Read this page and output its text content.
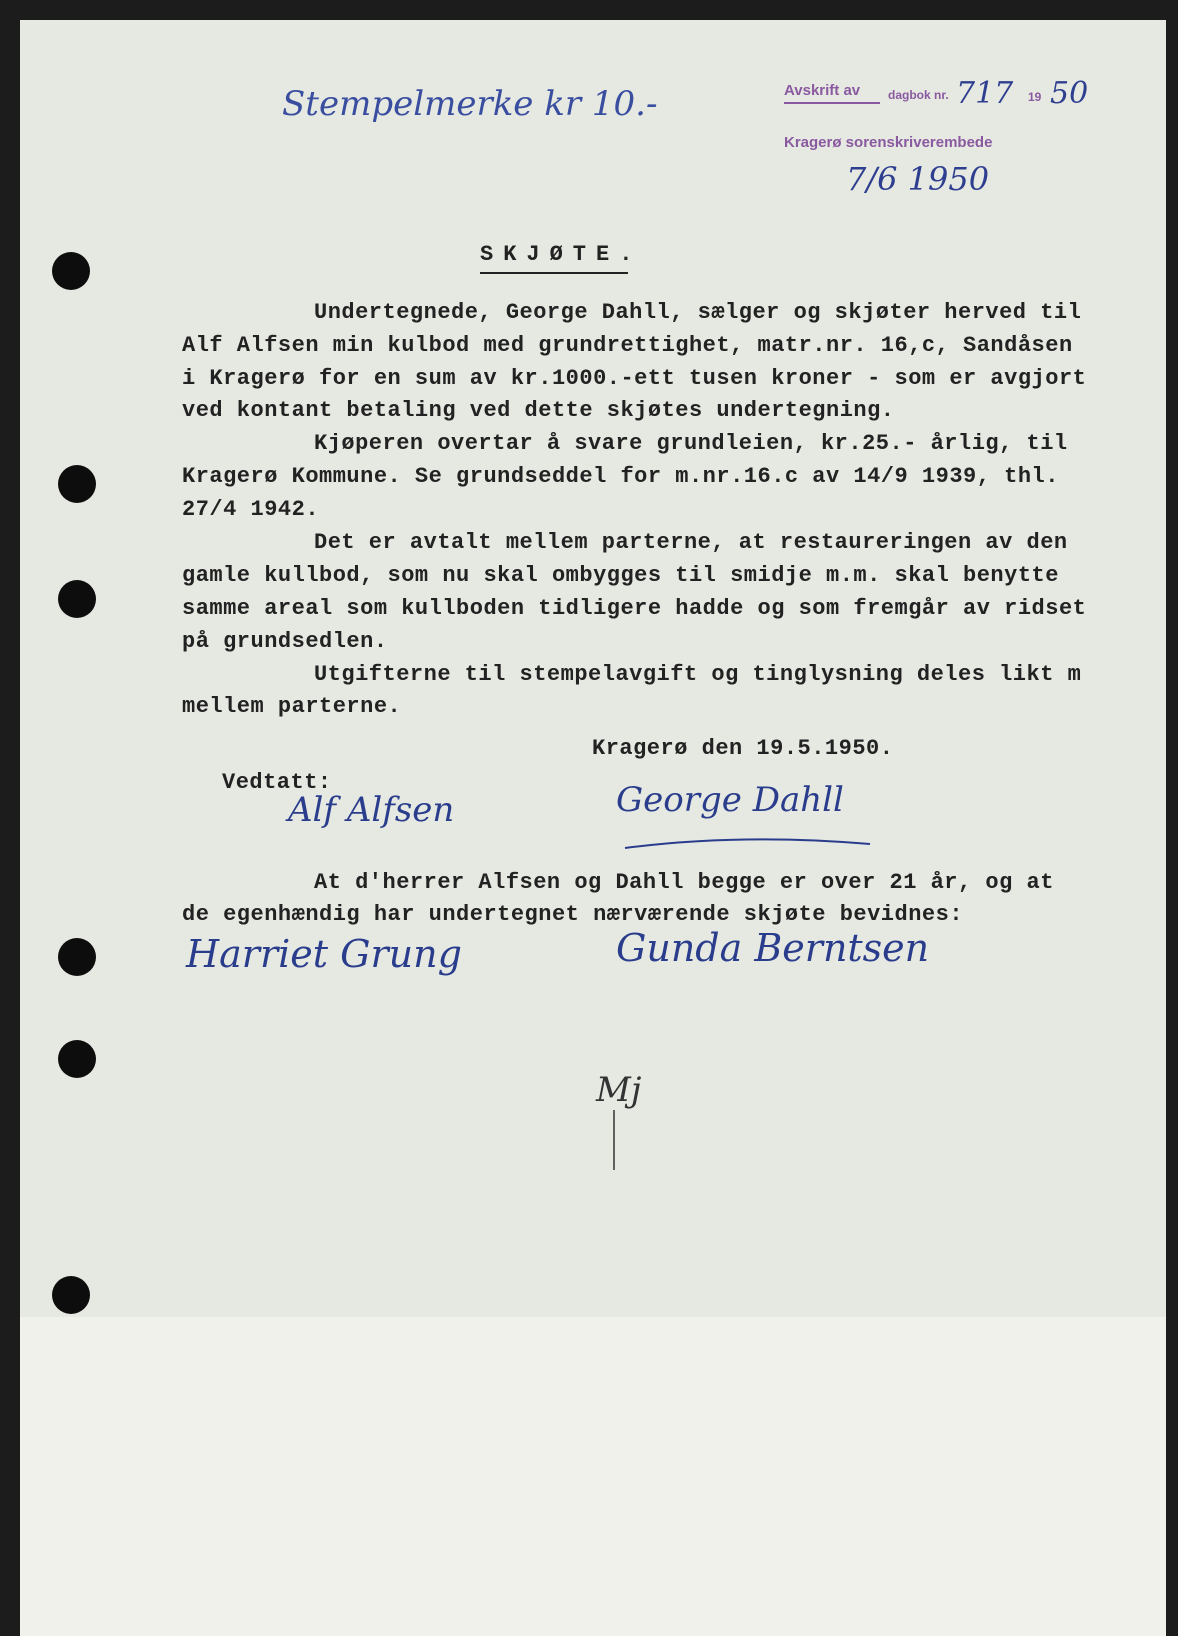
Stempelmerke kr 10.-	Avskrift av dagbok nr. 717 19 50
Kragerø sorenskriverembede
7/6 1950
SKJØTE.
Undertegnede, George Dahll, sælger og skjøter herved til
Alf Alfsen min kulbod med grundrettighet, matr.nr. 16,c, Sandåsen
i Kragerø for en sum av kr.1000.-ett tusen kroner - som er avgjort
ved kontant betaling ved dette skjøtes undertegning.
Kjøperen overtar å svare grundleien, kr.25.- årlig, til
Kragerø Kommune. Se grundseddel for m.nr.16.c av 14/9 1939, thl.
27/4 1942.
Det er avtalt mellem parterne, at restaureringen av den
gamle kullbod, som nu skal ombygges til smidje m.m. skal benytte
samme areal som kullboden tidligere hadde og som fremgår av ridset
på grundsedlen.
Utgifterne til stempelavgift og tinglysning deles likt m
mellem parterne.
Kragerø den 19.5.1950.
Vedtatt:
Alf Alfsen	George Dahll
At d'herrer Alfsen og Dahll begge er over 21 år, og at
de egenhændig har undertegnet nærværende skjøte bevidnes:
Harriet Grung	Gunda Berntsen
Mj
